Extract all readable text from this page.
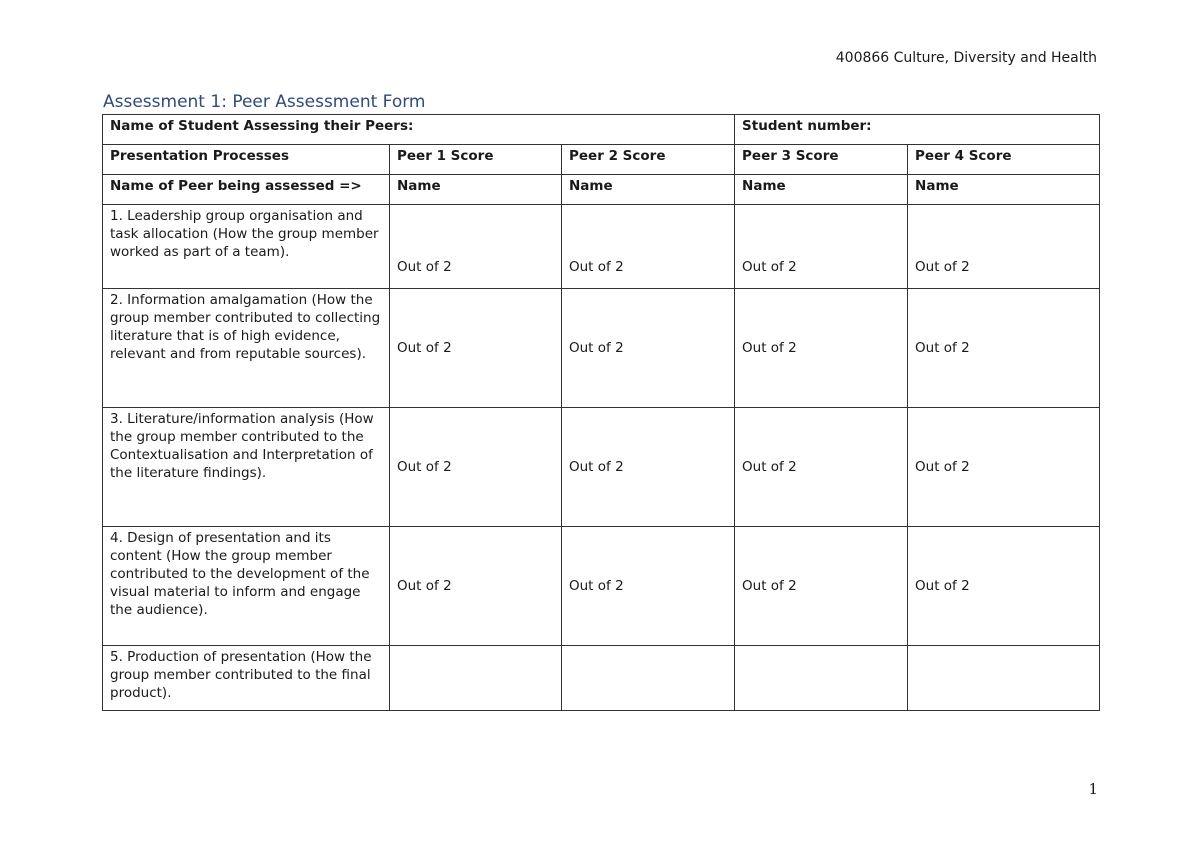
400866 Culture, Diversity and Health
Assessment 1: Peer Assessment Form
Name of Student Assessing their Peers:			Student number:	
Presentation Processes	Peer 1 Score	Peer 2 Score	Peer 3 Score	Peer 4 Score
Name of Peer being assessed =>	Name	Name	Name	Name
1. Leadership group organisation and task allocation (How the group member worked as part of a team).	Out of 2	Out of 2	Out of 2	Out of 2
2. Information amalgamation (How the group member contributed to collecting literature that is of high evidence, relevant and from reputable sources).	Out of 2	Out of 2	Out of 2	Out of 2
3. Literature/information analysis (How the group member contributed to the Contextualisation and Interpretation of the literature findings).	Out of 2	Out of 2	Out of 2	Out of 2
4. Design of presentation and its content (How the group member contributed to the development of the visual material to inform and engage the audience).	Out of 2	Out of 2	Out of 2	Out of 2
5. Production of presentation (How the group member contributed to the final product).				
1
